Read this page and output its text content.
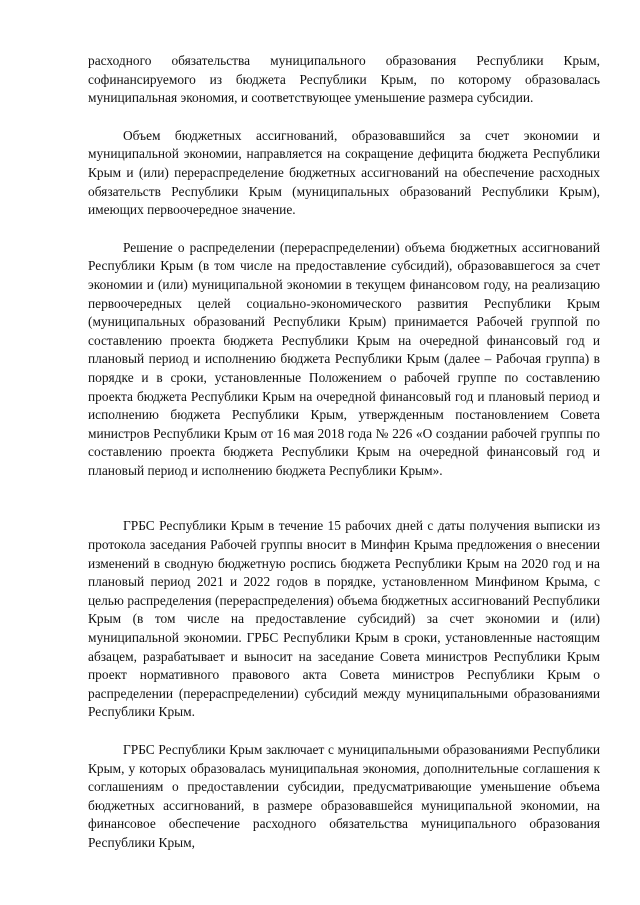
расходного обязательства муниципального образования Республики Крым, софинансируемого из бюджета Республики Крым, по которому образовалась муниципальная экономия, и соответствующее уменьшение размера субсидии.

Объем бюджетных ассигнований, образовавшийся за счет экономии и муниципальной экономии, направляется на сокращение дефицита бюджета Республики Крым и (или) перераспределение бюджетных ассигнований на обеспечение расходных обязательств Республики Крым (муниципальных образований Республики Крым), имеющих первоочередное значение.

Решение о распределении (перераспределении) объема бюджетных ассигнований Республики Крым (в том числе на предоставление субсидий), образовавшегося за счет экономии и (или) муниципальной экономии в текущем финансовом году, на реализацию первоочередных целей социально-экономического развития Республики Крым (муниципальных образований Республики Крым) принимается Рабочей группой по составлению проекта бюджета Республики Крым на очередной финансовый год и плановый период и исполнению бюджета Республики Крым (далее – Рабочая группа) в порядке и в сроки, установленные Положением о рабочей группе по составлению проекта бюджета Республики Крым на очередной финансовый год и плановый период и исполнению бюджета Республики Крым, утвержденным постановлением Совета министров Республики Крым от 16 мая 2018 года № 226 «О создании рабочей группы по составлению проекта бюджета Республики Крым на очередной финансовый год и плановый период и исполнению бюджета Республики Крым».

ГРБС Республики Крым в течение 15 рабочих дней с даты получения выписки из протокола заседания Рабочей группы вносит в Минфин Крыма предложения о внесении изменений в сводную бюджетную роспись бюджета Республики Крым на 2020 год и на плановый период 2021 и 2022 годов в порядке, установленном Минфином Крыма, с целью распределения (перераспределения) объема бюджетных ассигнований Республики Крым (в том числе на предоставление субсидий) за счет экономии и (или) муниципальной экономии. ГРБС Республики Крым в сроки, установленные настоящим абзацем, разрабатывает и выносит на заседание Совета министров Республики Крым проект нормативного правового акта Совета министров Республики Крым о распределении (перераспределении) субсидий между муниципальными образованиями Республики Крым.

ГРБС Республики Крым заключает с муниципальными образованиями Республики Крым, у которых образовалась муниципальная экономия, дополнительные соглашения к соглашениям о предоставлении субсидии, предусматривающие уменьшение объема бюджетных ассигнований, в размере образовавшейся муниципальной экономии, на финансовое обеспечение расходного обязательства муниципального образования Республики Крым,
